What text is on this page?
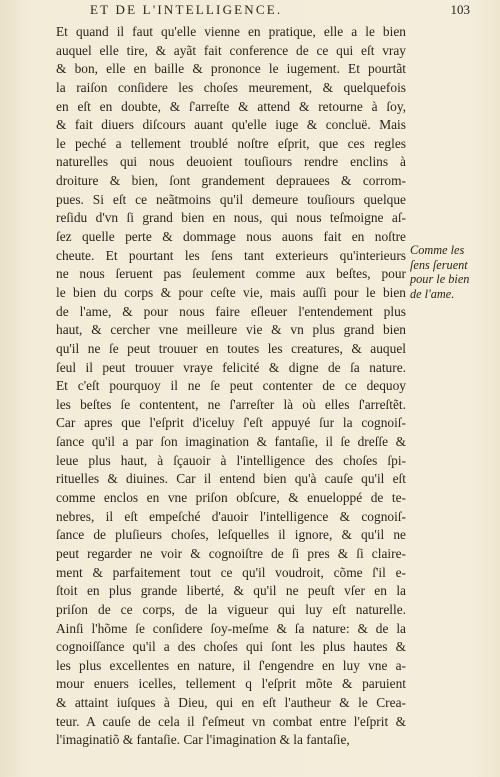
ET DE L'INTELLIGENCE.	103
Et quand il faut qu'elle vienne en pratique, elle a le bien
auquel elle tire, & ayãt fait conference de ce qui eſt vray
& bon, elle en baille & prononce le iugement. Et pourtãt
la raiſon conſidere les choſes meurement, & quelquefois
en eſt en doubte, & ſ'arreſte & attend & retourne à ſoy,
& fait diuers diſcours auant qu'elle iuge & concluë. Mais
le peché a tellement troublé noſtre eſprit, que ces regles
naturelles qui nous deuoient touſiours rendre enclins à
droiture & bien, ſont grandement deprauees & corrom-
pues. Si eſt ce neãtmoins qu'il demeure touſiours quelque
reſidu d'vn ſi grand bien en nous, qui nous teſmoigne aſ-
ſez quelle perte & dommage nous auons fait en noſtre
cheute. Et pourtant les ſens tant exterieurs qu'interieurs
ne nous ſeruent pas ſeulement comme aux beſtes, pour
le bien du corps & pour ceſte vie, mais auſſi pour le bien
de l'ame, & pour nous faire eſleuer l'entendement plus
haut, & cercher vne meilleure vie & vn plus grand bien
qu'il ne ſe peut trouuer en toutes les creatures, & auquel
ſeul il peut trouuer vraye felicité & digne de ſa nature.
Et c'eſt pourquoy il ne ſe peut contenter de ce dequoy
les beſtes ſe contentent, ne ſ'arreſter là où elles ſ'arreſtẽt.
Car apres que l'eſprit d'iceluy ſ'eſt appuyé ſur la cognoiſ-
ſance qu'il a par ſon imagination & fantaſie, il ſe dreſſe &
leue plus haut, à ſçauoir à l'intelligence des choſes ſpi-
rituelles & diuines. Car il entend bien qu'à cauſe qu'il eſt
comme enclos en vne priſon obſcure, & enueloppé de te-
nebres, il eſt empeſché d'auoir l'intelligence & cognoiſ-
ſance de pluſieurs choſes, leſquelles il ignore, & qu'il ne
peut regarder ne voir & cognoiſtre de ſi pres & ſi claire-
ment & parfaitement tout ce qu'il voudroit, cõme ſ'il e-
ſtoit en plus grande liberté, & qu'il ne peuſt vſer en la
priſon de ce corps, de la vigueur qui luy eſt naturelle.
Ainſi l'hõme ſe conſidere ſoy-meſme & ſa nature: & de la
cognoiſſance qu'il a des choſes qui ſont les plus hautes &
les plus excellentes en nature, il ſ'engendre en luy vne a-
mour enuers icelles, tellement q l'eſprit mõte & paruient
& attaint iuſques à Dieu, qui en eſt l'autheur & le Crea-
teur. A cauſe de cela il ſ'eſmeut vn combat entre l'eſprit &
l'imaginatiõ & fantaſie. Car l'imagination & la fantaſie,
Comme les
ſens ſeruent
pour le bien
de l'ame.
